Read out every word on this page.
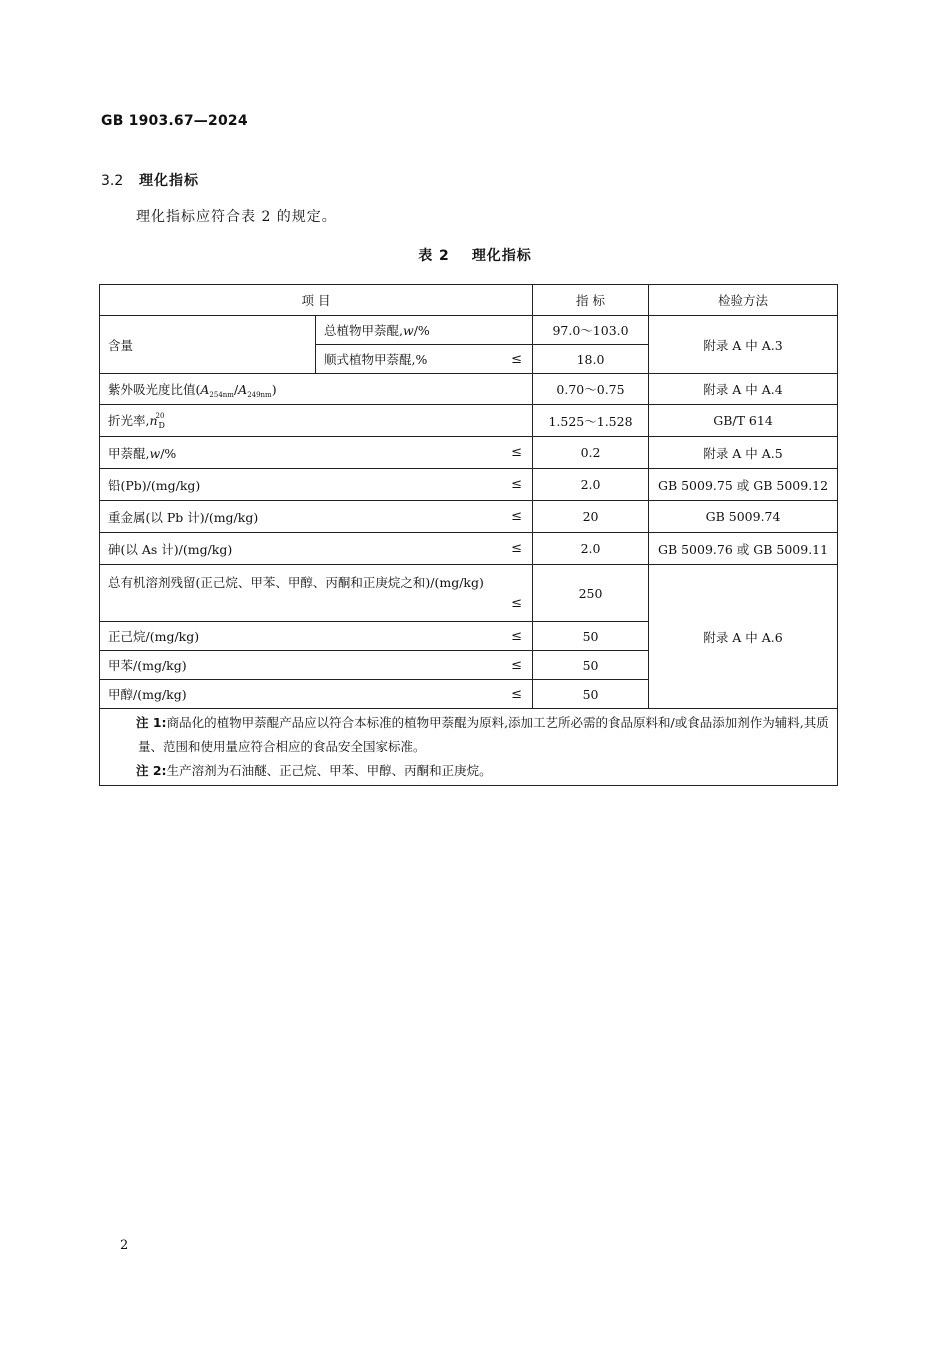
GB 1903.67—2024
3.2 理化指标
理化指标应符合表 2 的规定。
表 2 理化指标
项 目		指 标	检验方法
含量	总植物甲萘醌,w/%	97.0～103.0	附录 A 中 A.3

	顺式植物甲萘醌,% ≤	18.0	
紫外吸光度比值$(A_{254nm}/A_{249nm})$		0.70～0.75	附录 A 中 A.4
折光率$,n^{20}_D$		1.525～1.528	GB/T 614

甲萘醌,w/% ≤		0.2	附录 A 中 A.5

铅(Pb)/(mg/kg) ≤		2.0	GB 5009.75 或 GB 5009.12

重金属(以 Pb 计)/(mg/kg) ≤		20	GB 5009.74

砷(以 As 计)/(mg/kg) ≤		2.0	GB 5009.76 或 GB 5009.11

总有机溶剂残留(正己烷、甲苯、甲醇、丙酮和正庚烷之和)/(mg/kg)
≤		250	附录 A 中 A.6

正己烷/(mg/kg) ≤		50	

甲苯/(mg/kg) ≤		50	

甲醇/(mg/kg) ≤		50	

注 1:商品化的植物甲萘醌产品应以符合本标准的植物甲萘醌为原料,添加工艺所必需的食品原料和/或食品添加剂作为辅料,其质量、范围和使用量应符合相应的食品安全国家标准。
注 2:生产溶剂为石油醚、正己烷、甲苯、甲醇、丙酮和正庚烷。			
2
